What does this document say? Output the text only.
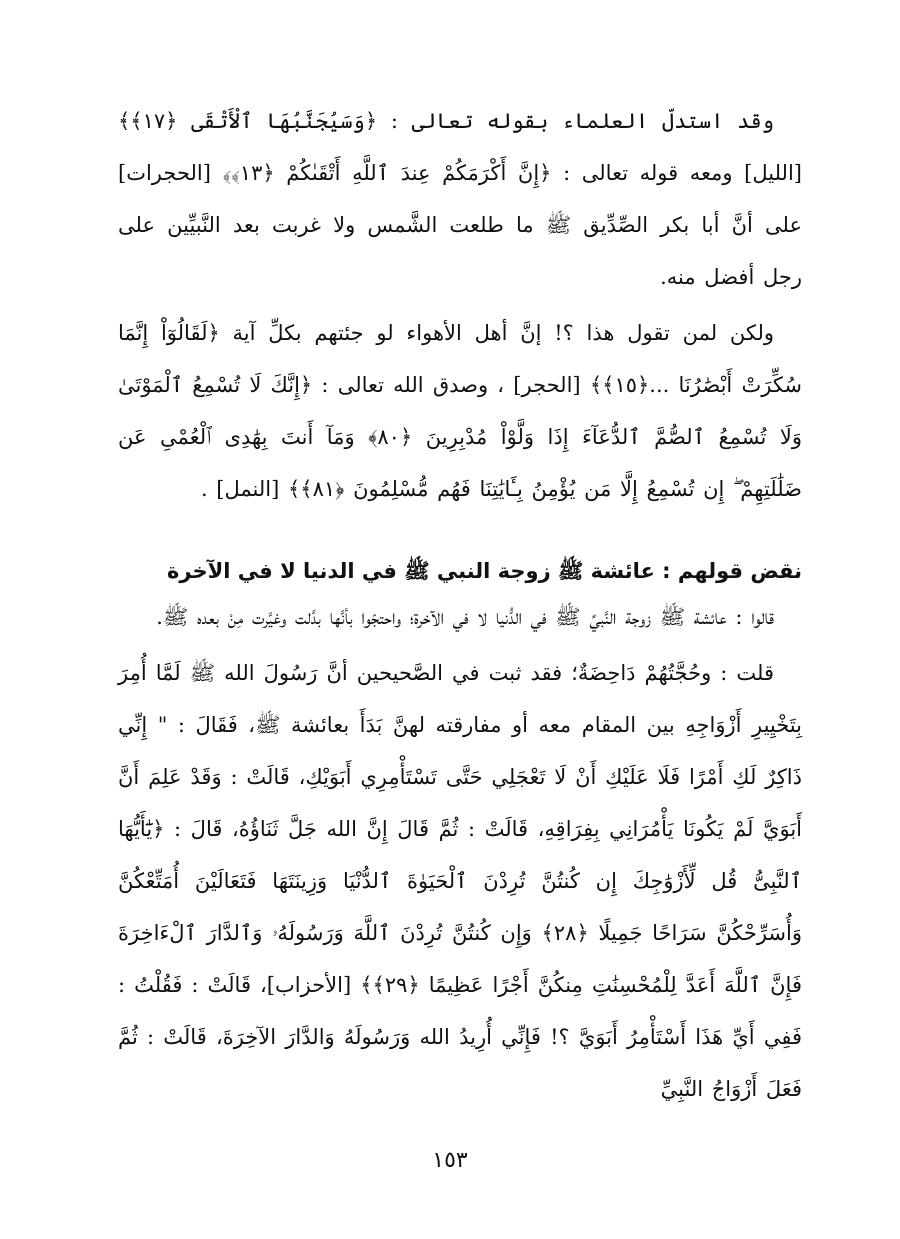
وقد استدلّ العلماء بقوله تعالى : ﴿وَسَيُجَنَّبُهَا ٱلْأَتْقَى ﴿١٧﴾﴾ [الليل] ومعه قوله تعالى : ﴿إِنَّ أَكْرَمَكُمْ عِندَ ٱللَّهِ أَتْقَىٰكُمْ ﴿١٣﴾﴾ [الحجرات] على أنَّ أبا بكر الصِّدِّيق ﷺ ما طلعت الشَّمس ولا غربت بعد النَّبيِّين على رجل أفضل منه.

ولكن لمن تقول هذا ؟! إنَّ أهل الأهواء لو جئتهم بكلِّ آية ﴿لَقَالُوٓاْ إِنَّمَا سُكِّرَتْ أَبْصَٰرُنَا ...﴿١٥﴾﴾ [الحجر] ، وصدق الله تعالى : ﴿إِنَّكَ لَا تُسْمِعُ ٱلْمَوْتَىٰ وَلَا تُسْمِعُ ٱلصُّمَّ ٱلدُّعَآءَ إِذَا وَلَّوْاْ مُدْبِرِينَ ﴿٨٠﴾ وَمَآ أَنتَ بِهَٰدِى ٱلْعُمْىِ عَن ضَلَٰلَتِهِمْ ۖ إِن تُسْمِعُ إِلَّا مَن يُؤْمِنُ بِـَٔايَٰتِنَا فَهُم مُّسْلِمُونَ ﴿٨١﴾﴾ [النمل] .

نقض قولهم : عائشة ﷺ زوجة النبي ﷺ في الدنيا لا في الآخرة

قالوا : عائشة ﷺ زوجة النَّبيِّ ﷺ في الدُّنيا لا في الآخرة؛ واحتجّوا بأنَّها بدَّلت وغيَّرت مِنْ بعده ﷺ.

قلت : وحُجَّتُهُمْ دَاحِضَةٌ؛ فقد ثبت في الصَّحيحين أنَّ رَسُولَ الله ﷺ لَمَّا أُمِرَ بِتَخْيِيرِ أَزْوَاجِهِ بين المقام معه أو مفارقته لهنَّ بَدَأَ بعائشة ﷺ، فَقَالَ : " إِنِّي ذَاكِرٌ لَكِ أَمْرًا فَلَا عَلَيْكِ أَنْ لَا تَعْجَلِي حَتَّى تَسْتَأْمِرِي أَبَوَيْكِ، قَالَتْ : وَقَدْ عَلِمَ أَنَّ أَبَوَيَّ لَمْ يَكُونَا يَأْمُرَانِي بِفِرَاقِهِ، قَالَتْ : ثُمَّ قَالَ إِنَّ الله جَلَّ ثَنَاؤُهُ، قَالَ : ﴿يَٰٓأَيُّهَا ٱلنَّبِىُّ قُل لِّأَزْوَٰجِكَ إِن كُنتُنَّ تُرِدْنَ ٱلْحَيَوٰةَ ٱلدُّنْيَا وَزِينَتَهَا فَتَعَالَيْنَ أُمَتِّعْكُنَّ وَأُسَرِّحْكُنَّ سَرَاحًا جَمِيلًا ﴿٢٨﴾ وَإِن كُنتُنَّ تُرِدْنَ ٱللَّهَ وَرَسُولَهُۥ وَٱلدَّارَ ٱلْءَاخِرَةَ فَإِنَّ ٱللَّهَ أَعَدَّ لِلْمُحْسِنَٰتِ مِنكُنَّ أَجْرًا عَظِيمًا ﴿٢٩﴾﴾ [الأحزاب]، قَالَتْ : فَقُلْتُ : فَفِي أَيِّ هَذَا أَسْتَأْمِرُ أَبَوَيَّ ؟! فَإِنِّي أُرِيدُ الله وَرَسُولَهُ وَالدَّارَ الآخِرَةَ، قَالَتْ : ثُمَّ فَعَلَ أَزْوَاجُ النَّبِيِّ

١٥٣
